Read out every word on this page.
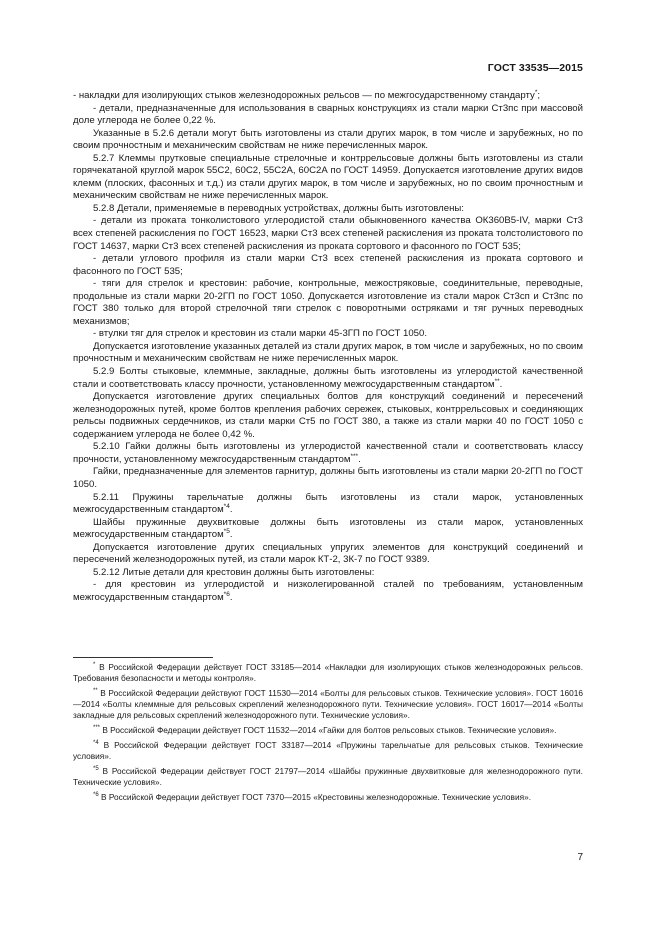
ГОСТ 33535—2015

- накладки для изолирующих стыков железнодорожных рельсов — по межгосударственному стандарту*;

- детали, предназначенные для использования в сварных конструкциях из стали марки Ст3пс при массовой доле углерода не более 0,22 %.

Указанные в 5.2.6 детали могут быть изготовлены из стали других марок, в том числе и зарубежных, но по своим прочностным и механическим свойствам не ниже перечисленных марок.

5.2.7 Клеммы прутковые специальные стрелочные и контррельсовые должны быть изготовлены из стали горячекатаной круглой марок 55С2, 60С2, 55С2А, 60С2А по ГОСТ 14959. Допускается изготовление других видов клемм (плоских, фасонных и т.д.) из стали других марок, в том числе и зарубежных, но по своим прочностным и механическим свойствам не ниже перечисленных марок.

5.2.8 Детали, применяемые в переводных устройствах, должны быть изготовлены:

- детали из проката тонколистового углеродистой стали обыкновенного качества ОК360В5-IV, марки Ст3 всех степеней раскисления по ГОСТ 16523, марки Ст3 всех степеней раскисления из проката толстолистового по ГОСТ 14637, марки Ст3 всех степеней раскисления из проката сортового и фасонного по ГОСТ 535;

- детали углового профиля из стали марки Ст3 всех степеней раскисления из проката сортового и фасонного по ГОСТ 535;

- тяги для стрелок и крестовин: рабочие, контрольные, межостряковые, соединительные, переводные, продольные из стали марки 20-2ГП по ГОСТ 1050. Допускается изготовление из стали марок Ст3сп и Ст3пс по ГОСТ 380 только для второй стрелочной тяги стрелок с поворотными остряками и тяг ручных переводных механизмов;

- втулки тяг для стрелок и крестовин из стали марки 45-3ГП по ГОСТ 1050.

Допускается изготовление указанных деталей из стали других марок, в том числе и зарубежных, но по своим прочностным и механическим свойствам не ниже перечисленных марок.

5.2.9 Болты стыковые, клеммные, закладные, должны быть изготовлены из углеродистой качественной стали и соответствовать классу прочности, установленному межгосударственным стандартом**.

Допускается изготовление других специальных болтов для конструкций соединений и пересечений железнодорожных путей, кроме болтов крепления рабочих сережек, стыковых, контррельсовых и соединяющих рельсы подвижных сердечников, из стали марки Ст5 по ГОСТ 380, а также из стали марки 40 по ГОСТ 1050 с содержанием углерода не более 0,42 %.

5.2.10 Гайки должны быть изготовлены из углеродистой качественной стали и соответствовать классу прочности, установленному межгосударственным стандартом***.

Гайки, предназначенные для элементов гарнитур, должны быть изготовлены из стали марки 20-2ГП по ГОСТ 1050.

5.2.11 Пружины тарельчатые должны быть изготовлены из стали марок, установленных межгосударственным стандартом$^{*4}$.

Шайбы пружинные двухвитковые должны быть изготовлены из стали марок, установленных межгосударственным стандартом$^{*5}$.

Допускается изготовление других специальных упругих элементов для конструкций соединений и пересечений железнодорожных путей, из стали марок КТ-2, 3К-7 по ГОСТ 9389.

5.2.12 Литые детали для крестовин должны быть изготовлены:

- для крестовин из углеродистой и низколегированной сталей по требованиям, установленным межгосударственным стандартом$^{*6}$.

* В Российской Федерации действует ГОСТ 33185—2014 «Накладки для изолирующих стыков железнодорожных рельсов. Требования безопасности и методы контроля».

** В Российской Федерации действуют ГОСТ 11530—2014 «Болты для рельсовых стыков. Технические условия». ГОСТ 16016—2014 «Болты клеммные для рельсовых скреплений железнодорожного пути. Технические условия». ГОСТ 16017—2014 «Болты закладные для рельсовых скреплений железнодорожного пути. Технические условия».

*** В Российской Федерации действует ГОСТ 11532—2014 «Гайки для болтов рельсовых стыков. Технические условия».

$^{*4}$ В Российской Федерации действует ГОСТ 33187—2014 «Пружины тарельчатые для рельсовых стыков. Технические условия».

$^{*5}$ В Российской Федерации действует ГОСТ 21797—2014 «Шайбы пружинные двухвитковые для железнодорожного пути. Технические условия».

$^{*6}$ В Российской Федерации действует ГОСТ 7370—2015 «Крестовины железнодорожные. Технические условия».

7
